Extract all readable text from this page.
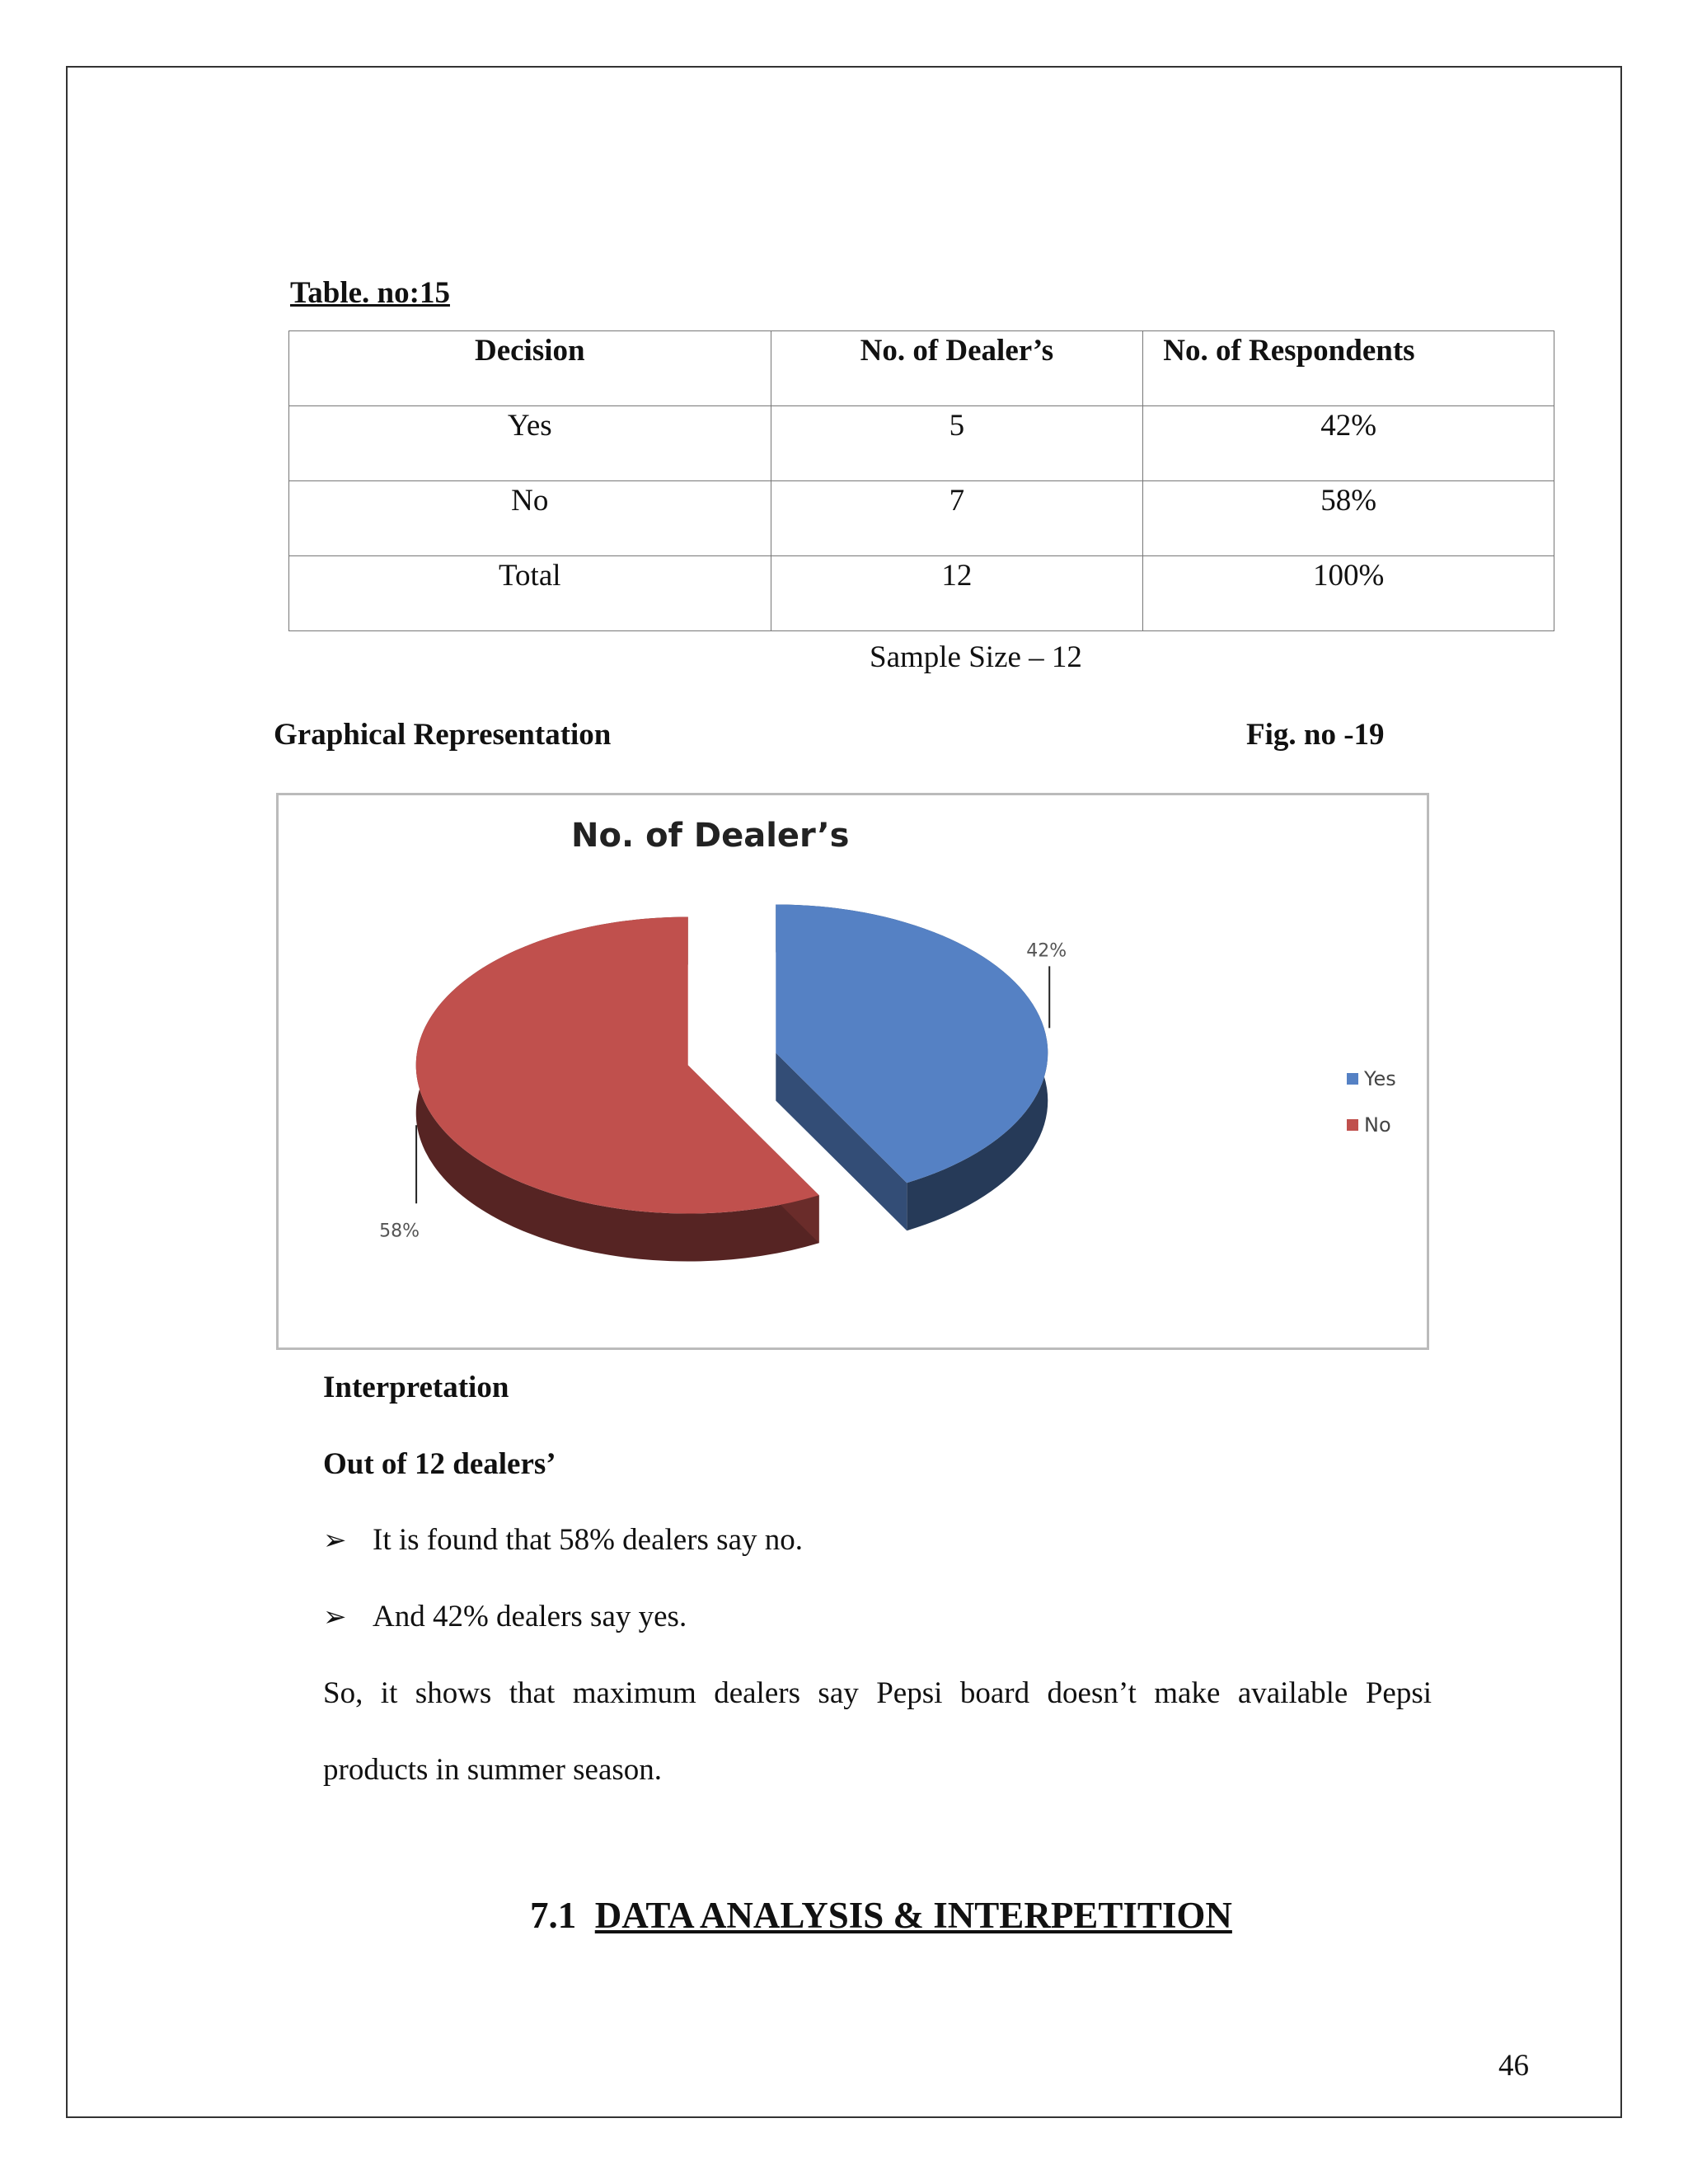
Table. no:15
Decision	No. of Dealer’s	No. of Respondents
Yes	5	42%
No	7	58%
Total	12	100%
Sample Size – 12
Graphical Representation	Fig. no -19
No. of Dealer’s
42%
58%
Yes
No
Interpretation
Out of 12 dealers’
➢ It is found that 58% dealers say no.
➢ And 42% dealers say yes.
So, it shows that maximum dealers say Pepsi board doesn’t make available Pepsi
products in summer season.
7.1 DATA ANALYSIS & INTERPETITION
46
